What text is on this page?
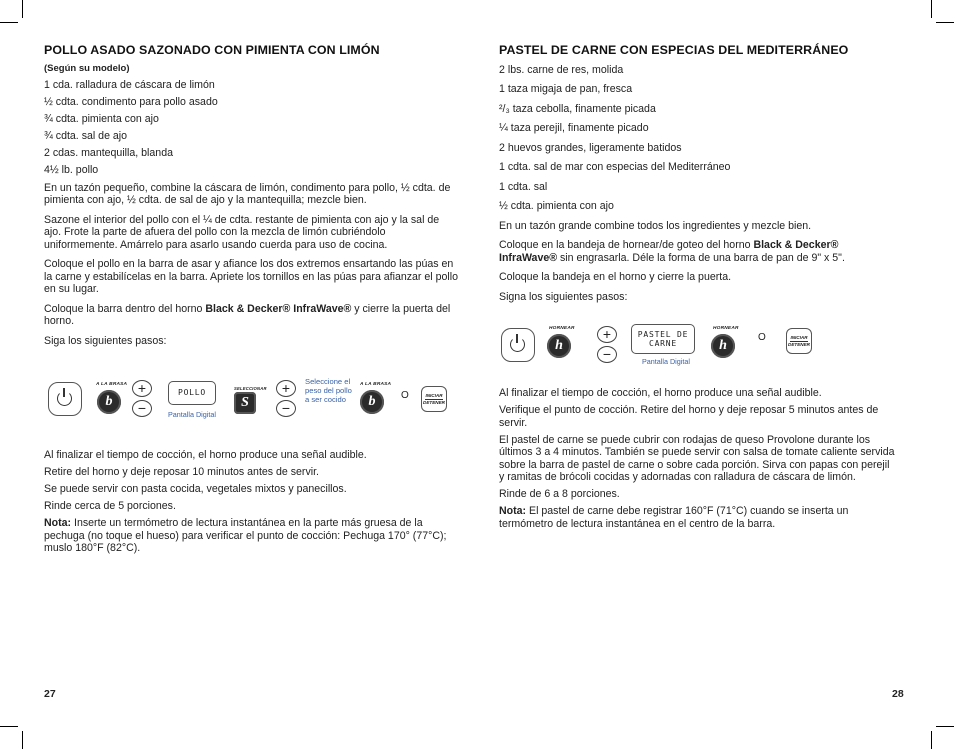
POLLO ASADO SAZONADO CON PIMIENTA CON LIMÓN

(Según su modelo)

1 cda. ralladura de cáscara de limón

½ cdta. condimento para pollo asado

¾ cdta. pimienta con ajo

¾ cdta. sal de ajo

2 cdas. mantequilla, blanda

4½ lb. pollo

En un tazón pequeño, combine la cáscara de limón, condimento para pollo, ½ cdta. de pimienta con ajo, ½ cdta. de sal de ajo y la mantequilla; mezcle bien.

Sazone el interior del pollo con el ¼ de cdta. restante de pimienta con ajo y la sal de ajo. Frote la parte de afuera del pollo con la mezcla de limón cubriéndolo uniformemente. Amárrelo para asarlo usando cuerda para uso de cocina.

Coloque el pollo en la barra de asar y afiance los dos extremos ensartando las púas en la carne y estabilícelas en la barra. Apriete los tornillos en las púas para afianzar el pollo en su lugar.

Coloque la barra dentro del horno Black & Decker® InfraWave® y cierre la puerta del horno.

Siga los siguientes pasos:

A LA BRASA
b
+
−
POLLO
Pantalla Digital
SELECCIONAR
S
+
−
Seleccione el peso del pollo a ser cocido
A LA BRASA
b	O	INICIAR
DETENER

Al finalizar el tiempo de cocción, el horno produce una señal audible.

Retire del horno y deje reposar 10 minutos antes de servir.

Se puede servir con pasta cocida, vegetales mixtos y panecillos.

Rinde cerca de 5 porciones.

Nota: Inserte un termómetro de lectura instantánea en la parte más gruesa de la pechuga (no toque el hueso) para verificar el punto de cocción: Pechuga 170° (77°C); muslo 180°F (82°C).

27
PASTEL DE CARNE CON ESPECIAS DEL MEDITERRÁNEO

2 lbs. carne de res, molida

1 taza migaja de pan, fresca

²/₃ taza cebolla, finamente picada

¼ taza perejil, finamente picado

2 huevos grandes, ligeramente batidos

1 cdta. sal de mar con especias del Mediterráneo

1 cdta. sal

½ cdta. pimienta con ajo

En un tazón grande combine todos los ingredientes y mezcle bien.

Coloque en la bandeja de hornear/de goteo del horno Black & Decker® InfraWave® sin engrasarla. Déle la forma de una barra de pan de 9" x 5".

Coloque la bandeja en el horno y cierre la puerta.

Signa los siguientes pasos:

HORNEAR
h
+
−
PASTEL DE
CARNE
Pantalla Digital
HORNEAR
h
O	INICIAR
DETENER

Al finalizar el tiempo de cocción, el horno produce una señal audible.

Verifique el punto de cocción. Retire del horno y deje reposar 5 minutos antes de servir.

El pastel de carne se puede cubrir con rodajas de queso Provolone durante los últimos 3 a 4 minutos. También se puede servir con salsa de tomate caliente servida sobre la barra de pastel de carne o sobre cada porción. Sirva con papas con perejil y ramitas de brócoli cocidas y adornadas con ralladura de cáscara de limón.

Rinde de 6 a 8 porciones.

Nota: El pastel de carne debe registrar 160°F (71°C) cuando se inserta un termómetro de lectura instantánea en el centro de la barra.

28
